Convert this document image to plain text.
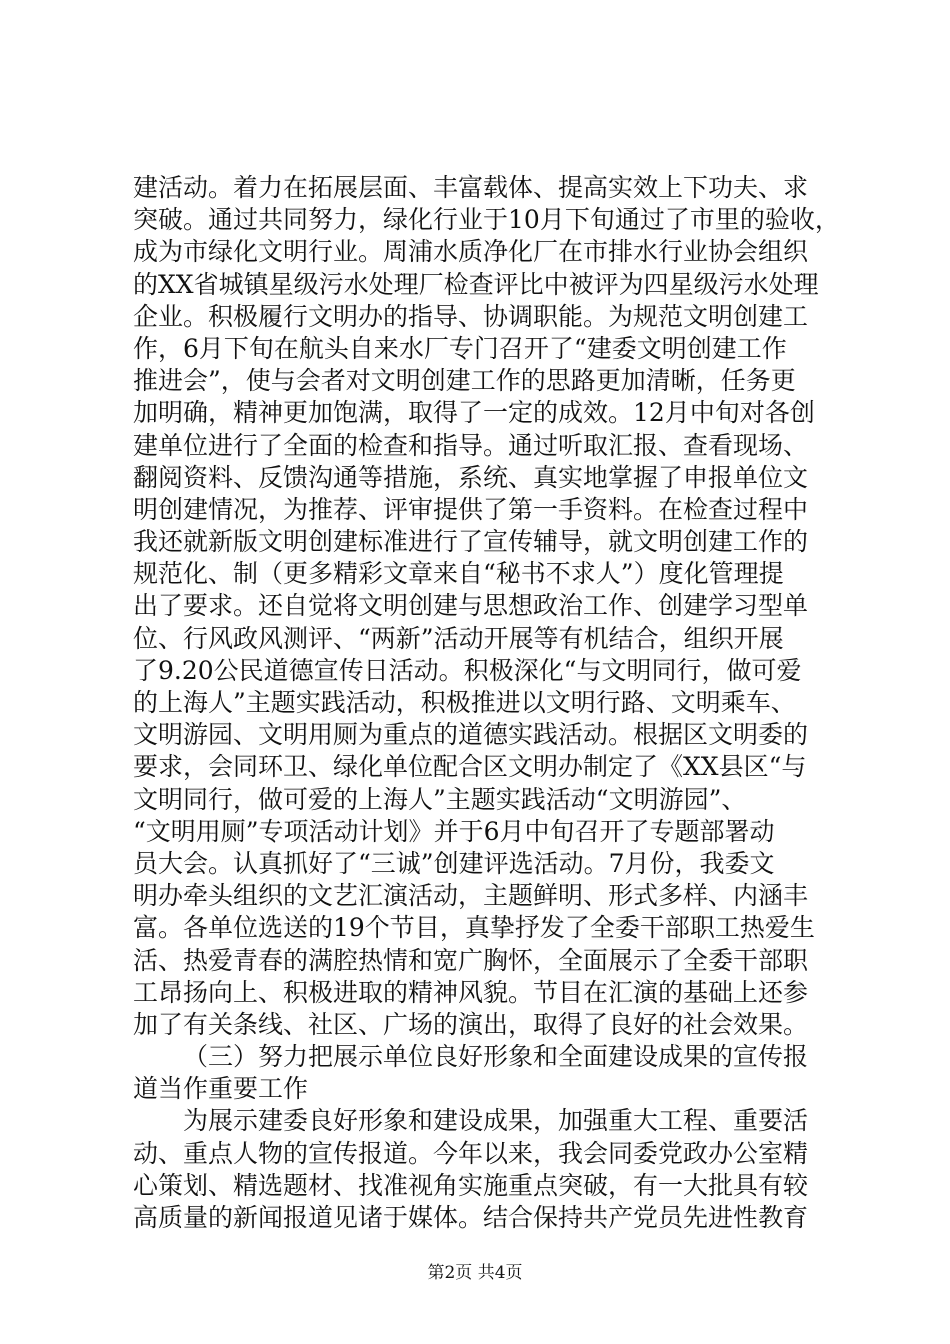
建活动。着力在拓展层面、丰富载体、提高实效上下功夫、求
突破。通过共同努力，绿化行业于10月下旬通过了市里的验收，
成为市绿化文明行业。周浦水质净化厂在市排水行业协会组织
的XX省城镇星级污水处理厂检查评比中被评为四星级污水处理
企业。积极履行文明办的指导、协调职能。为规范文明创建工
作，6月下旬在航头自来水厂专门召开了“建委文明创建工作
推进会”，使与会者对文明创建工作的思路更加清晰，任务更
加明确，精神更加饱满，取得了一定的成效。12月中旬对各创
建单位进行了全面的检查和指导。通过听取汇报、查看现场、
翻阅资料、反馈沟通等措施，系统、真实地掌握了申报单位文
明创建情况，为推荐、评审提供了第一手资料。在检查过程中
我还就新版文明创建标准进行了宣传辅导，就文明创建工作的
规范化、制（更多精彩文章来自“秘书不求人”）度化管理提
出了要求。还自觉将文明创建与思想政治工作、创建学习型单
位、行风政风测评、“两新”活动开展等有机结合，组织开展
了9.20公民道德宣传日活动。积极深化“与文明同行，做可爱
的上海人”主题实践活动，积极推进以文明行路、文明乘车、
文明游园、文明用厕为重点的道德实践活动。根据区文明委的
要求，会同环卫、绿化单位配合区文明办制定了《XX县区“与
文明同行，做可爱的上海人”主题实践活动“文明游园”、
“文明用厕”专项活动计划》并于6月中旬召开了专题部署动
员大会。认真抓好了“三诚”创建评选活动。7月份，我委文
明办牵头组织的文艺汇演活动，主题鲜明、形式多样、内涵丰
富。各单位选送的19个节目，真挚抒发了全委干部职工热爱生
活、热爱青春的满腔热情和宽广胸怀，全面展示了全委干部职
工昂扬向上、积极进取的精神风貌。节目在汇演的基础上还参
加了有关条线、社区、广场的演出，取得了良好的社会效果。
（三）努力把展示单位良好形象和全面建设成果的宣传报
道当作重要工作
为展示建委良好形象和建设成果，加强重大工程、重要活
动、重点人物的宣传报道。今年以来，我会同委党政办公室精
心策划、精选题材、找准视角实施重点突破，有一大批具有较
高质量的新闻报道见诸于媒体。结合保持共产党员先进性教育
第2页 共4页
